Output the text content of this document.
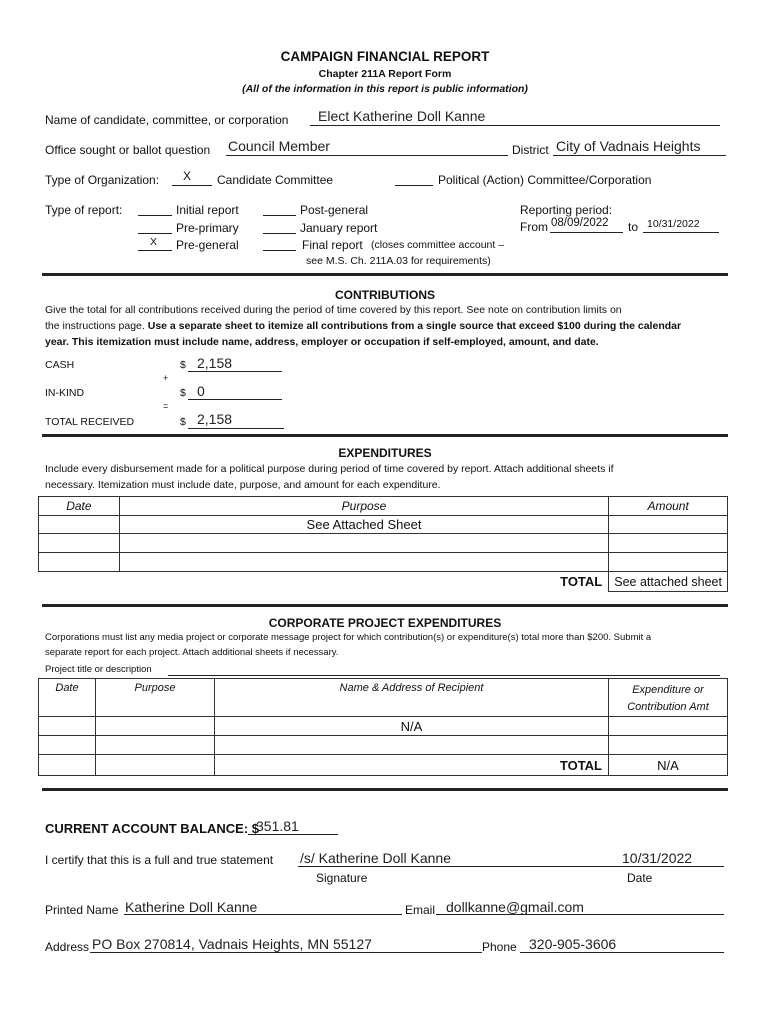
CAMPAIGN FINANCIAL REPORT
Chapter 211A Report Form
(All of the information in this report is public information)
Name of candidate, committee, or corporation Elect Katherine Doll Kanne
Office sought or ballot question Council Member	District City of Vadnais Heights
Type of Organization: X Candidate Committee	Political (Action) Committee/Corporation
Type of report:	Initial report
Pre-primary
X Pre-general
Post-general
January report
Final report (closes committee account –
see M.S. Ch. 211A.03 for requirements)
Reporting period:
From 08/09/2022 to 10/31/2022
CONTRIBUTIONS
Give the total for all contributions received during the period of time covered by this report. See note on contribution limits on
the instructions page. Use a separate sheet to itemize all contributions from a single source that exceed $100 during the calendar
year. This itemization must include name, address, employer or occupation if self-employed, amount, and date.
CASH	$ 2,158
+
IN-KIND	$ 0
=
TOTAL RECEIVED	$ 2,158
EXPENDITURES
Include every disbursement made for a political purpose during period of time covered by report. Attach additional sheets if
necessary. Itemization must include date, purpose, and amount for each expenditure.
Date	Purpose	Amount
	See Attached Sheet	

	TOTAL	See attached sheet
CORPORATE PROJECT EXPENDITURES
Corporations must list any media project or corporate message project for which contribution(s) or expenditure(s) total more than $200. Submit a
separate report for each project. Attach additional sheets if necessary.
Project title or description
Date	Purpose	Name & Address of Recipient	Expenditure or
Contribution Amt

		N/A	

		TOTAL	N/A
CURRENT ACCOUNT BALANCE: $
351.81
I certify that this is a full and true statement /s/ Katherine Doll Kanne	10/31/2022
Signature	Date
Printed Name Katherine Doll Kanne	Email dollkanne@gmail.com
Address PO Box 270814, Vadnais Heights, MN 55127	Phone 320-905-3606
